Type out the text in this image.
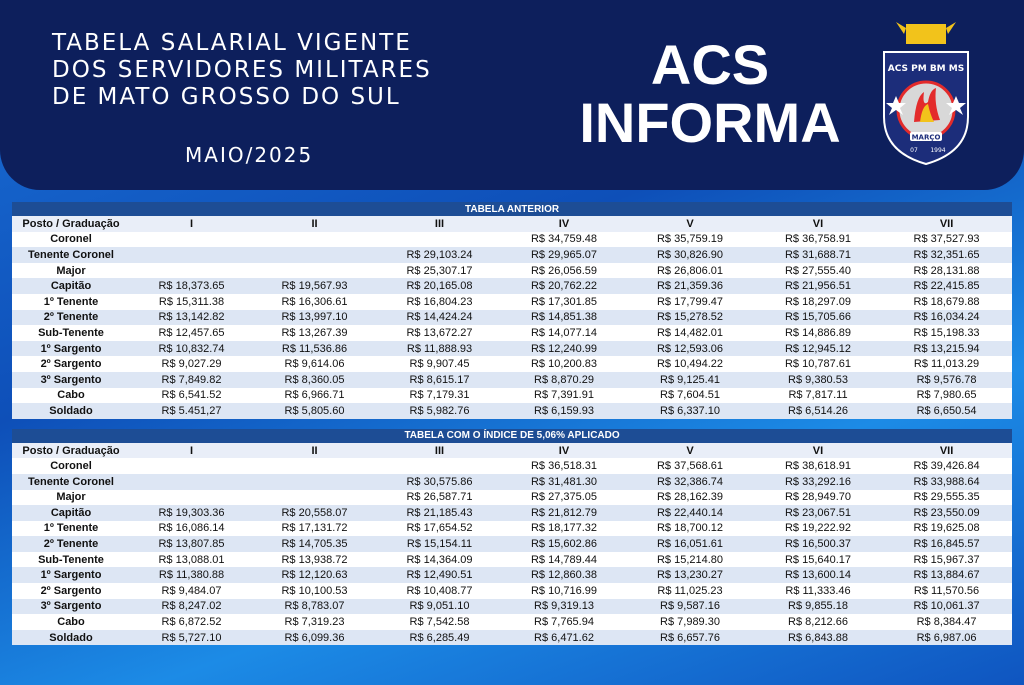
TABELA SALARIAL VIGENTE
DOS SERVIDORES MILITARES
DE MATO GROSSO DO SUL
MAIO/2025
ACS
INFORMA
ACS PM BM MS
MARÇO
07 1994
TABELA ANTERIOR							
Posto / Graduação	I	II	III	IV	V	VI	VII
Coronel				R$ 34,759.48	R$ 35,759.19	R$ 36,758.91	R$ 37,527.93
Tenente Coronel			R$ 29,103.24	R$ 29,965.07	R$ 30,826.90	R$ 31,688.71	R$ 32,351.65
Major			R$ 25,307.17	R$ 26,056.59	R$ 26,806.01	R$ 27,555.40	R$ 28,131.88
Capitão	R$ 18,373.65	R$ 19,567.93	R$ 20,165.08	R$ 20,762.22	R$ 21,359.36	R$ 21,956.51	R$ 22,415.85
1º Tenente	R$ 15,311.38	R$ 16,306.61	R$ 16,804.23	R$ 17,301.85	R$ 17,799.47	R$ 18,297.09	R$ 18,679.88
2º Tenente	R$ 13,142.82	R$ 13,997.10	R$ 14,424.24	R$ 14,851.38	R$ 15,278.52	R$ 15,705.66	R$ 16,034.24
Sub-Tenente	R$ 12,457.65	R$ 13,267.39	R$ 13,672.27	R$ 14,077.14	R$ 14,482.01	R$ 14,886.89	R$ 15,198.33
1º Sargento	R$ 10,832.74	R$ 11,536.86	R$ 11,888.93	R$ 12,240.99	R$ 12,593.06	R$ 12,945.12	R$ 13,215.94
2º Sargento	R$ 9,027.29	R$ 9,614.06	R$ 9,907.45	R$ 10,200.83	R$ 10,494.22	R$ 10,787.61	R$ 11,013.29
3º Sargento	R$ 7,849.82	R$ 8,360.05	R$ 8,615.17	R$ 8,870.29	R$ 9,125.41	R$ 9,380.53	R$ 9,576.78
Cabo	R$ 6,541.52	R$ 6,966.71	R$ 7,179.31	R$ 7,391.91	R$ 7,604.51	R$ 7,817.11	R$ 7,980.65
Soldado	R$ 5.451,27	R$ 5,805.60	R$ 5,982.76	R$ 6,159.93	R$ 6,337.10	R$ 6,514.26	R$ 6,650.54
TABELA COM O ÍNDICE DE 5,06% APLICADO							
Posto / Graduação	I	II	III	IV	V	VI	VII
Coronel				R$ 36,518.31	R$ 37,568.61	R$ 38,618.91	R$ 39,426.84
Tenente Coronel			R$ 30,575.86	R$ 31,481.30	R$ 32,386.74	R$ 33,292.16	R$ 33,988.64
Major			R$ 26,587.71	R$ 27,375.05	R$ 28,162.39	R$ 28,949.70	R$ 29,555.35
Capitão	R$ 19,303.36	R$ 20,558.07	R$ 21,185.43	R$ 21,812.79	R$ 22,440.14	R$ 23,067.51	R$ 23,550.09
1º Tenente	R$ 16,086.14	R$ 17,131.72	R$ 17,654.52	R$ 18,177.32	R$ 18,700.12	R$ 19,222.92	R$ 19,625.08
2º Tenente	R$ 13,807.85	R$ 14,705.35	R$ 15,154.11	R$ 15,602.86	R$ 16,051.61	R$ 16,500.37	R$ 16,845.57
Sub-Tenente	R$ 13,088.01	R$ 13,938.72	R$ 14,364.09	R$ 14,789.44	R$ 15,214.80	R$ 15,640.17	R$ 15,967.37
1º Sargento	R$ 11,380.88	R$ 12,120.63	R$ 12,490.51	R$ 12,860.38	R$ 13,230.27	R$ 13,600.14	R$ 13,884.67
2º Sargento	R$ 9,484.07	R$ 10,100.53	R$ 10,408.77	R$ 10,716.99	R$ 11,025.23	R$ 11,333.46	R$ 11,570.56
3º Sargento	R$ 8,247.02	R$ 8,783.07	R$ 9,051.10	R$ 9,319.13	R$ 9,587.16	R$ 9,855.18	R$ 10,061.37
Cabo	R$ 6,872.52	R$ 7,319.23	R$ 7,542.58	R$ 7,765.94	R$ 7,989.30	R$ 8,212.66	R$ 8,384.47
Soldado	R$ 5,727.10	R$ 6,099.36	R$ 6,285.49	R$ 6,471.62	R$ 6,657.76	R$ 6,843.88	R$ 6,987.06
